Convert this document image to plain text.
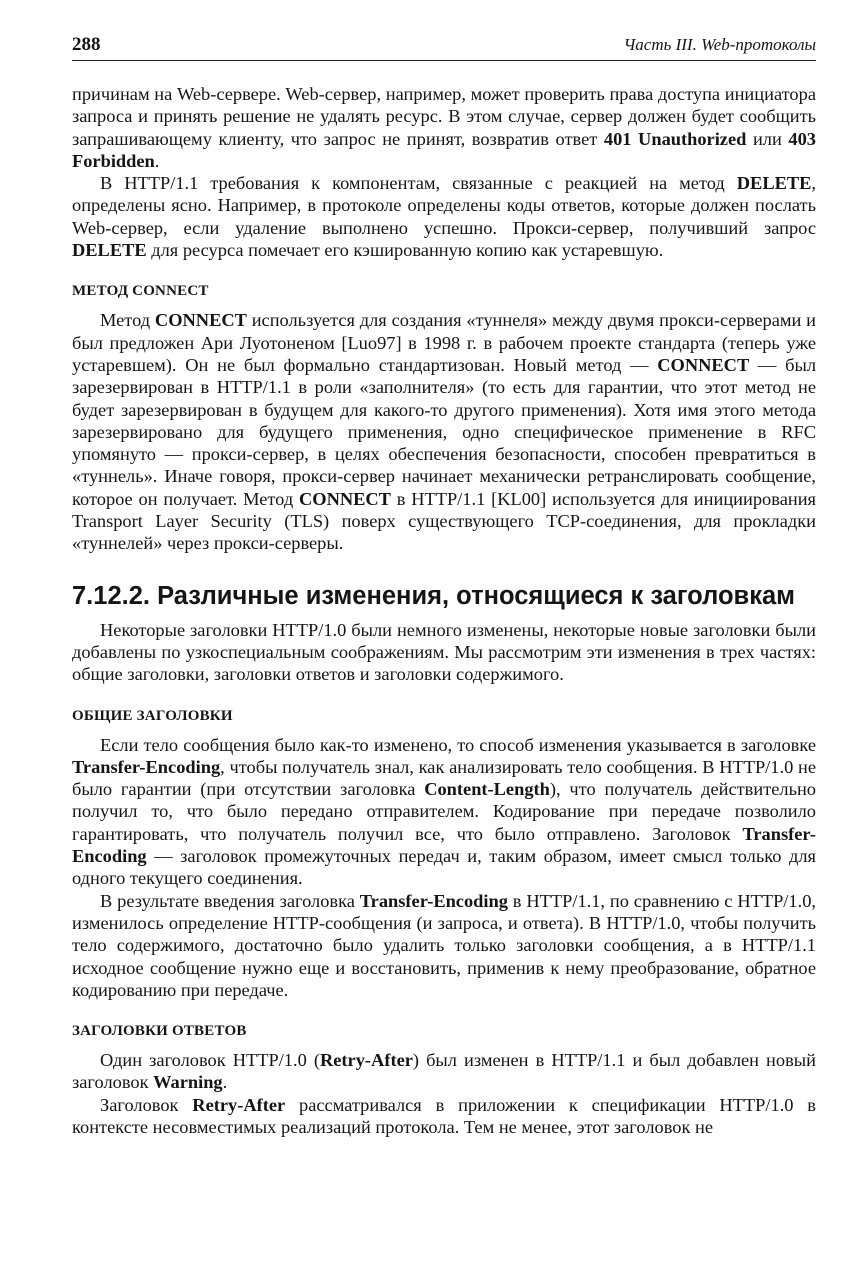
288	Часть III. Web-протоколы

причинам на Web-сервере. Web-сервер, например, может проверить права доступа инициатора запроса и принять решение не удалять ресурс. В этом случае, сервер должен будет сообщить запрашивающему клиенту, что запрос не принят, возвратив ответ 401 Unauthorized или 403 Forbidden.

В HTTP/1.1 требования к компонентам, связанные с реакцией на метод DELETE, определены ясно. Например, в протоколе определены коды ответов, которые должен послать Web-сервер, если удаление выполнено успешно. Прокси-сервер, получивший запрос DELETE для ресурса помечает его кэшированную копию как устаревшую.

МЕТОД CONNECT

Метод CONNECT используется для создания «туннеля» между двумя прокси-серверами и был предложен Ари Луотоненом [Luo97] в 1998 г. в рабочем проекте стандарта (теперь уже устаревшем). Он не был формально стандартизован. Новый метод — CONNECT — был зарезервирован в HTTP/1.1 в роли «заполнителя» (то есть для гарантии, что этот метод не будет зарезервирован в будущем для какого-то другого применения). Хотя имя этого метода зарезервировано для будущего применения, одно специфическое применение в RFC упомянуто — прокси-сервер, в целях обеспечения безопасности, способен превратиться в «туннель». Иначе говоря, прокси-сервер начинает механически ретранслировать сообщение, которое он получает. Метод CONNECT в HTTP/1.1 [KL00] используется для инициирования Transport Layer Security (TLS) поверх существующего TCP-соединения, для прокладки «туннелей» через прокси-серверы.

7.12.2. Различные изменения, относящиеся к заголовкам

Некоторые заголовки HTTP/1.0 были немного изменены, некоторые новые заголовки были добавлены по узкоспециальным соображениям. Мы рассмотрим эти изменения в трех частях: общие заголовки, заголовки ответов и заголовки содержимого.

ОБЩИЕ ЗАГОЛОВКИ

Если тело сообщения было как-то изменено, то способ изменения указывается в заголовке Transfer-Encoding, чтобы получатель знал, как анализировать тело сообщения. В HTTP/1.0 не было гарантии (при отсутствии заголовка Content-Length), что получатель действительно получил то, что было передано отправителем. Кодирование при передаче позволило гарантировать, что получатель получил все, что было отправлено. Заголовок Transfer-Encoding — заголовок промежуточных передач и, таким образом, имеет смысл только для одного текущего соединения.

В результате введения заголовка Transfer-Encoding в HTTP/1.1, по сравнению с HTTP/1.0, изменилось определение HTTP-сообщения (и запроса, и ответа). В HTTP/1.0, чтобы получить тело содержимого, достаточно было удалить только заголовки сообщения, а в HTTP/1.1 исходное сообщение нужно еще и восстановить, применив к нему преобразование, обратное кодированию при передаче.

ЗАГОЛОВКИ ОТВЕТОВ

Один заголовок HTTP/1.0 (Retry-After) был изменен в HTTP/1.1 и был добавлен новый заголовок Warning.

Заголовок Retry-After рассматривался в приложении к спецификации HTTP/1.0 в контексте несовместимых реализаций протокола. Тем не менее, этот заголовок не
